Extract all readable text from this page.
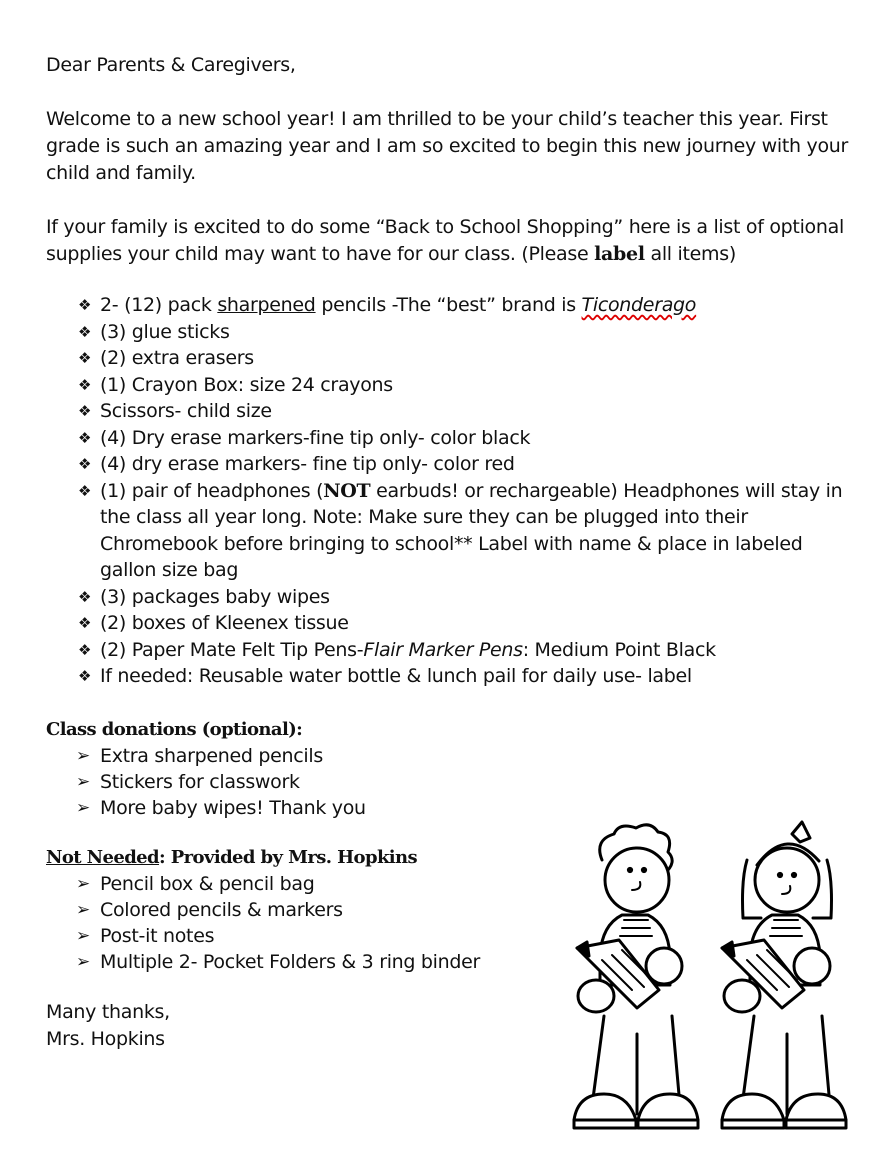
Dear Parents & Caregivers,

Welcome to a new school year! I am thrilled to be your child’s teacher this year. First grade is such an amazing year and I am so excited to begin this new journey with your child and family.

If your family is excited to do some “Back to School Shopping” here is a list of optional supplies your child may want to have for our class. (Please label all items)

❖ 2- (12) pack sharpened pencils -The “best” brand is Ticonderago
❖ (3) glue sticks
❖ (2) extra erasers
❖ (1) Crayon Box: size 24 crayons
❖ Scissors- child size
❖ (4) Dry erase markers-fine tip only- color black
❖ (4) dry erase markers- fine tip only- color red
❖ (1) pair of headphones (NOT earbuds! or rechargeable) Headphones will stay in the class all year long. Note: Make sure they can be plugged into their Chromebook before bringing to school** Label with name & place in labeled gallon size bag
❖ (3) packages baby wipes
❖ (2) boxes of Kleenex tissue
❖ (2) Paper Mate Felt Tip Pens-Flair Marker Pens: Medium Point Black
❖ If needed: Reusable water bottle & lunch pail for daily use- label
Class donations (optional):
➢ Extra sharpened pencils
➢ Stickers for classwork
➢ More baby wipes! Thank you
Not Needed: Provided by Mrs. Hopkins
➢ Pencil box & pencil bag
➢ Colored pencils & markers
➢ Post-it notes
➢ Multiple 2- Pocket Folders & 3 ring binder

Many thanks,

Mrs. Hopkins
